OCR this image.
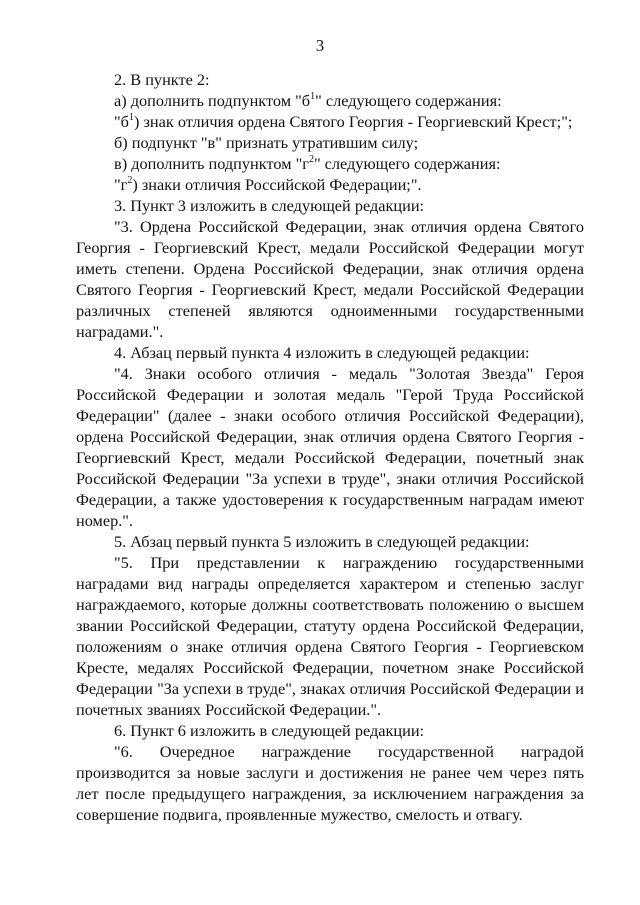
3

2. В пункте 2:

а) дополнить подпунктом "$б^1$" следующего содержания:

"$б^1$) знак отличия ордена Святого Георгия - Георгиевский Крест;";

б) подпункт "в" признать утратившим силу;

в) дополнить подпунктом "$г^2$" следующего содержания:

"$г^2$) знаки отличия Российской Федерации;".

3. Пункт 3 изложить в следующей редакции:

"3. Ордена Российской Федерации, знак отличия ордена Святого Георгия - Георгиевский Крест, медали Российской Федерации могут иметь степени. Ордена Российской Федерации, знак отличия ордена Святого Георгия - Георгиевский Крест, медали Российской Федерации различных степеней являются одноименными государственными наградами.".

4. Абзац первый пункта 4 изложить в следующей редакции:

"4. Знаки особого отличия - медаль "Золотая Звезда" Героя Российской Федерации и золотая медаль "Герой Труда Российской Федерации" (далее - знаки особого отличия Российской Федерации), ордена Российской Федерации, знак отличия ордена Святого Георгия - Георгиевский Крест, медали Российской Федерации, почетный знак Российской Федерации "За успехи в труде", знаки отличия Российской Федерации, а также удостоверения к государственным наградам имеют номер.".

5. Абзац первый пункта 5 изложить в следующей редакции:

"5. При представлении к награждению государственными наградами вид награды определяется характером и степенью заслуг награждаемого, которые должны соответствовать положению о высшем звании Российской Федерации, статуту ордена Российской Федерации, положениям о знаке отличия ордена Святого Георгия - Георгиевском Кресте, медалях Российской Федерации, почетном знаке Российской Федерации "За успехи в труде", знаках отличия Российской Федерации и почетных званиях Российской Федерации.".

6. Пункт 6 изложить в следующей редакции:

"6. Очередное награждение государственной наградой производится за новые заслуги и достижения не ранее чем через пять лет после предыдущего награждения, за исключением награждения за совершение подвига, проявленные мужество, смелость и отвагу.
